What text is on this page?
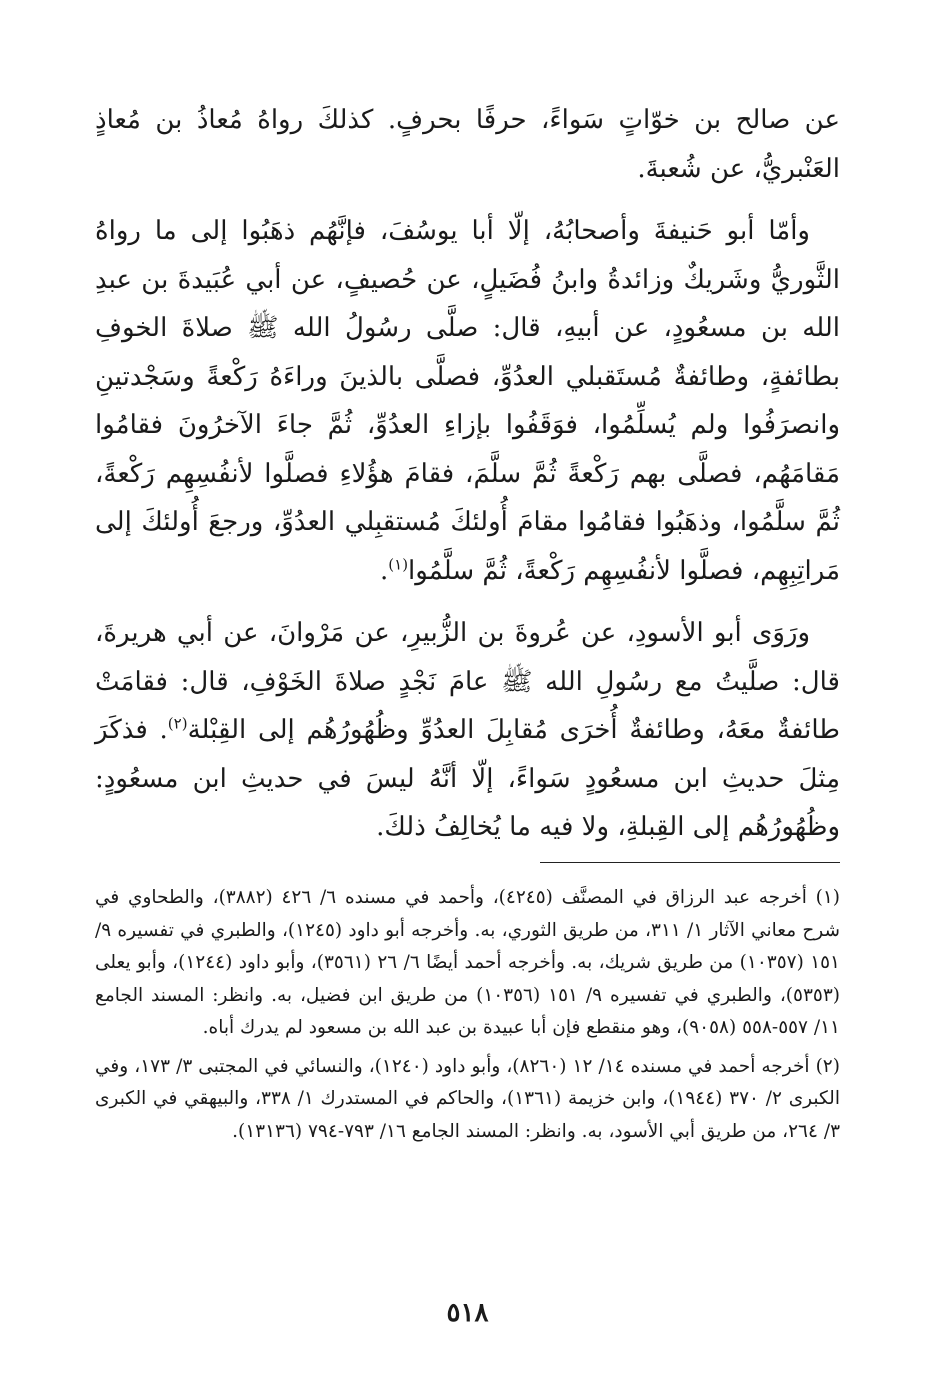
عن صالح بن خوّاتٍ سَواءً، حرفًا بحرفٍ. كذلكَ رواهُ مُعاذُ بن مُعاذٍ العَنْبريُّ، عن شُعبةَ.

وأمّا أبو حَنيفةَ وأصحابُهُ، إلّا أبا يوسُفَ، فإنَّهُم ذهَبُوا إلى ما رواهُ الثَّوريُّ وشَريكٌ وزائدةُ وابنُ فُضَيلٍ، عن حُصيفٍ، عن أبي عُبَيدةَ بن عبدِ الله بن مسعُودٍ، عن أبيهِ، قال: صلَّى رسُولُ الله ﷺ صلاةَ الخوفِ بطائفةٍ، وطائفةٌ مُستَقبلي العدُوِّ، فصلَّى بالذينَ وراءَهُ رَكْعةً وسَجْدتينِ وانصرَفُوا ولم يُسلِّمُوا، فوَقَفُوا بإزاءِ العدُوِّ، ثُمَّ جاءَ الآخرُونَ فقامُوا مَقامَهُم، فصلَّى بهم رَكْعةً ثُمَّ سلَّمَ، فقامَ هؤُلاءِ فصلَّوا لأنفُسِهِم رَكْعةً، ثُمَّ سلَّمُوا، وذهَبُوا فقامُوا مقامَ أُولئكَ مُستقبِلي العدُوِّ، ورجعَ أُولئكَ إلى مَراتِبِهِم، فصلَّوا لأنفُسِهِم رَكْعةً، ثُمَّ سلَّمُوا$^{(١)}$.

ورَوَى أبو الأسودِ، عن عُروةَ بن الزُّبيرِ، عن مَرْوانَ، عن أبي هريرةَ، قال: صلَّيتُ مع رسُولِ الله ﷺ عامَ نَجْدٍ صلاةَ الخَوْفِ، قال: فقامَتْ طائفةٌ معَهُ، وطائفةٌ أُخرَى مُقابِلَ العدُوِّ وظُهُورُهُم إلى القِبْلة$^{(٢)}$. فذكَرَ مِثلَ حديثِ ابن مسعُودٍ سَواءً، إلّا أنَّهُ ليسَ في حديثِ ابن مسعُودٍ: وظُهُورُهُم إلى القِبلةِ، ولا فيه ما يُخالِفُ ذلكَ.

(١) أخرجه عبد الرزاق في المصنَّف (٤٢٤٥)، وأحمد في مسنده ٦/ ٤٢٦ (٣٨٨٢)، والطحاوي في شرح معاني الآثار ١/ ٣١١، من طريق الثوري، به. وأخرجه أبو داود (١٢٤٥)، والطبري في تفسيره ٩/ ١٥١ (١٠٣٥٧) من طريق شريك، به. وأخرجه أحمد أيضًا ٦/ ٢٦ (٣٥٦١)، وأبو داود (١٢٤٤)، وأبو يعلى (٥٣٥٣)، والطبري في تفسيره ٩/ ١٥١ (١٠٣٥٦) من طريق ابن فضيل، به. وانظر: المسند الجامع ١١/ ٥٥٧-٥٥٨ (٩٠٥٨)، وهو منقطع فإن أبا عبيدة بن عبد الله بن مسعود لم يدرك أباه.

(٢) أخرجه أحمد في مسنده ١٤/ ١٢ (٨٢٦٠)، وأبو داود (١٢٤٠)، والنسائي في المجتبى ٣/ ١٧٣، وفي الكبرى ٢/ ٣٧٠ (١٩٤٤)، وابن خزيمة (١٣٦١)، والحاكم في المستدرك ١/ ٣٣٨، والبيهقي في الكبرى ٣/ ٢٦٤، من طريق أبي الأسود، به. وانظر: المسند الجامع ١٦/ ٧٩٣-٧٩٤ (١٣١٣٦).

٥١٨
